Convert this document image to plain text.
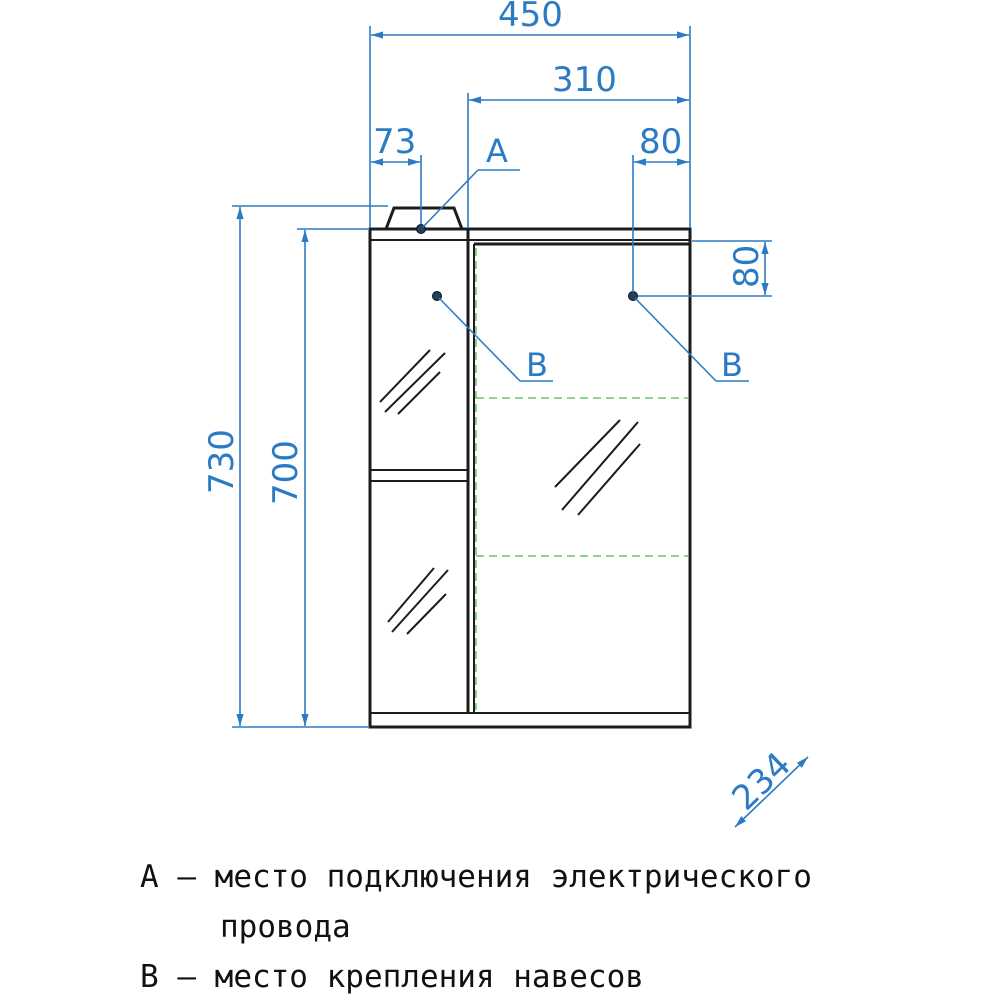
A
B	B
450
310
73	80
80
730 700
234
A – место подключения электрического
провода
B – место крепления навесов
